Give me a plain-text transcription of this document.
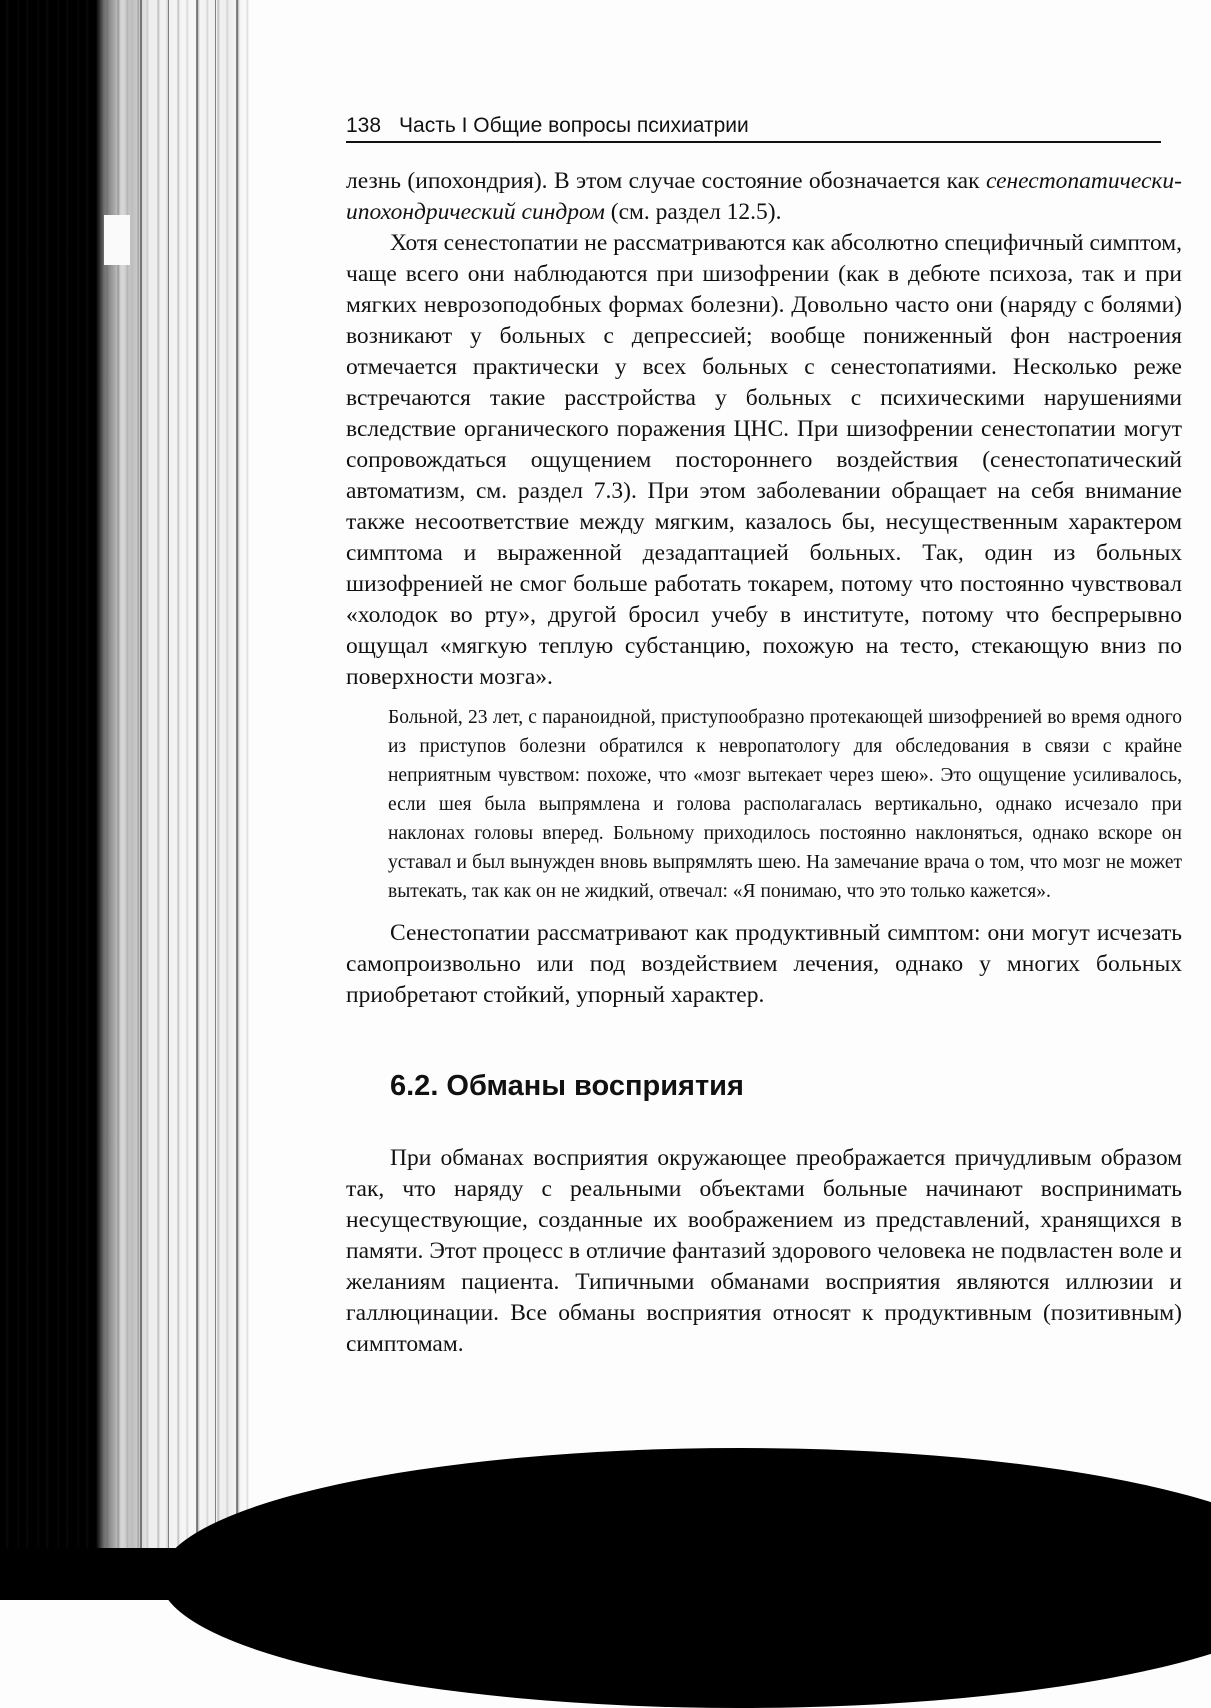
138 Часть I Общие вопросы психиатрии

лезнь (ипохондрия). В этом случае состояние обозначается как сенестопатически-ипохондрический синдром (см. раздел 12.5).

Хотя сенестопатии не рассматриваются как абсолютно специфичный симптом, чаще всего они наблюдаются при шизофрении (как в дебюте психоза, так и при мягких неврозоподобных формах болезни). Довольно часто они (наряду с болями) возникают у больных с депрессией; вообще пониженный фон настроения отмечается практически у всех больных с сенестопатиями. Несколько реже встречаются такие расстройства у больных с психическими нарушениями вследствие органического поражения ЦНС. При шизофрении сенестопатии могут сопровождаться ощущением постороннего воздействия (сенестопатический автоматизм, см. раздел 7.3). При этом заболевании обращает на себя внимание также несоответствие между мягким, казалось бы, несущественным характером симптома и выраженной дезадаптацией больных. Так, один из больных шизофренией не смог больше работать токарем, потому что постоянно чувствовал «холодок во рту», другой бросил учебу в институте, потому что беспрерывно ощущал «мягкую теплую субстанцию, похожую на тесто, стекающую вниз по поверхности мозга».

Больной, 23 лет, с параноидной, приступообразно протекающей шизофренией во время одного из приступов болезни обратился к невропатологу для обследования в связи с крайне неприятным чувством: похоже, что «мозг вытекает через шею». Это ощущение усиливалось, если шея была выпрямлена и голова располагалась вертикально, однако исчезало при наклонах головы вперед. Больному приходилось постоянно наклоняться, однако вскоре он уставал и был вынужден вновь выпрямлять шею. На замечание врача о том, что мозг не может вытекать, так как он не жидкий, отвечал: «Я понимаю, что это только кажется».

Сенестопатии рассматривают как продуктивный симптом: они могут исчезать самопроизвольно или под воздействием лечения, однако у многих больных приобретают стойкий, упорный характер.

6.2. Обманы восприятия

При обманах восприятия окружающее преображается причудливым образом так, что наряду с реальными объектами больные начинают воспринимать несуществующие, созданные их воображением из представлений, хранящихся в памяти. Этот процесс в отличие фантазий здорового человека не подвластен воле и желаниям пациента. Типичными обманами восприятия являются иллюзии и галлюцинации. Все обманы восприятия относят к продуктивным (позитивным) симптомам.
